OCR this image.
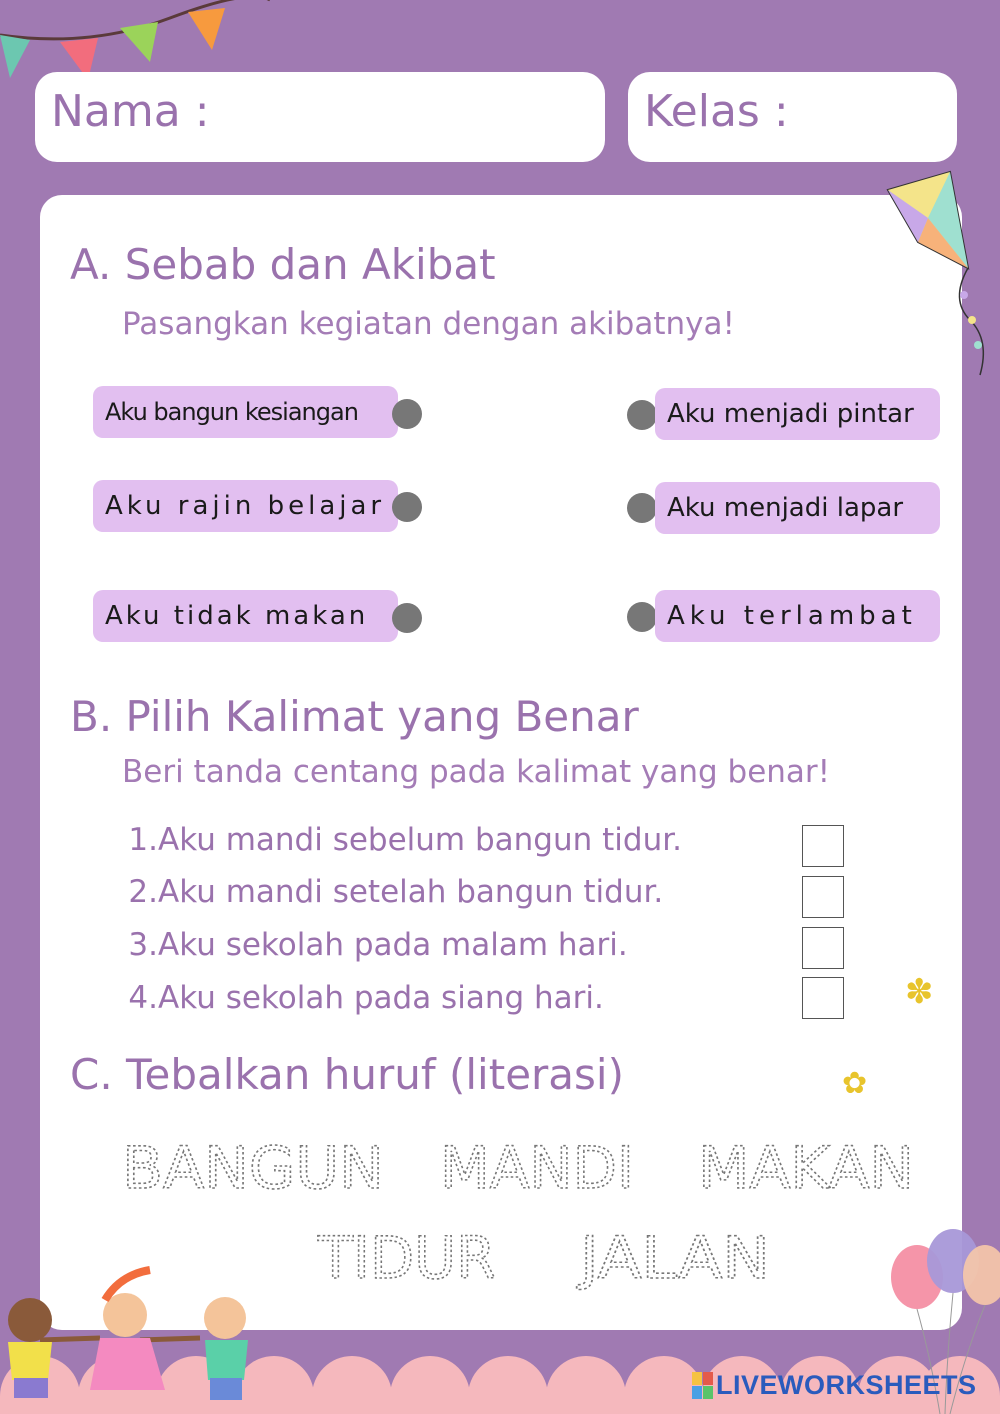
Nama :	Kelas :
A. Sebab dan Akibat
Pasangkan kegiatan dengan akibatnya!
Aku bangun kesiangan
Aku rajin belajar
Aku tidak makan
Aku menjadi pintar
Aku menjadi lapar
Aku terlambat
B. Pilih Kalimat yang Benar
Beri tanda centang pada kalimat yang benar!
1.Aku mandi sebelum bangun tidur.
2.Aku mandi setelah bangun tidur.
3.Aku sekolah pada malam hari.
4.Aku sekolah pada siang hari.	✽
✿
C. Tebalkan huruf (literasi)
BANGUN MANDI MAKAN
TIDUR JALAN
LIVEWORKSHEETS
